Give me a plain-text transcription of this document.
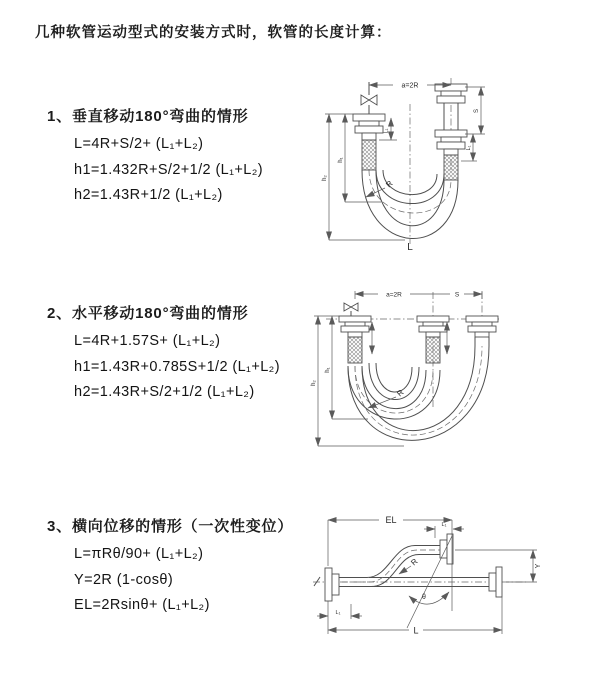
几种软管运动型式的安装方式时，软管的长度计算：
1、垂直移动180°弯曲的情形

L=4R+S/2+ (L₁+L₂)

h1=1.432R+S/2+1/2 (L₁+L₂)

h2=1.43R+1/2 (L₁+L₂)

2、水平移动180°弯曲的情形

L=4R+1.57S+ (L₁+L₂)

h1=1.43R+0.785S+1/2 (L₁+L₂)

h2=1.43R+S/2+1/2 (L₁+L₂)

3、横向位移的情形（一次性变位）

L=πRθ/90+ (L₁+L₂)

Y=2R (1-cosθ)

EL=2Rsinθ+ (L₁+L₂)

a=2R
L₁
h₁
h₂
S
L₁
R
L
a=2R	S
h₁
h₂
R
EL	L₁
Y
θ
R
L₁
L
